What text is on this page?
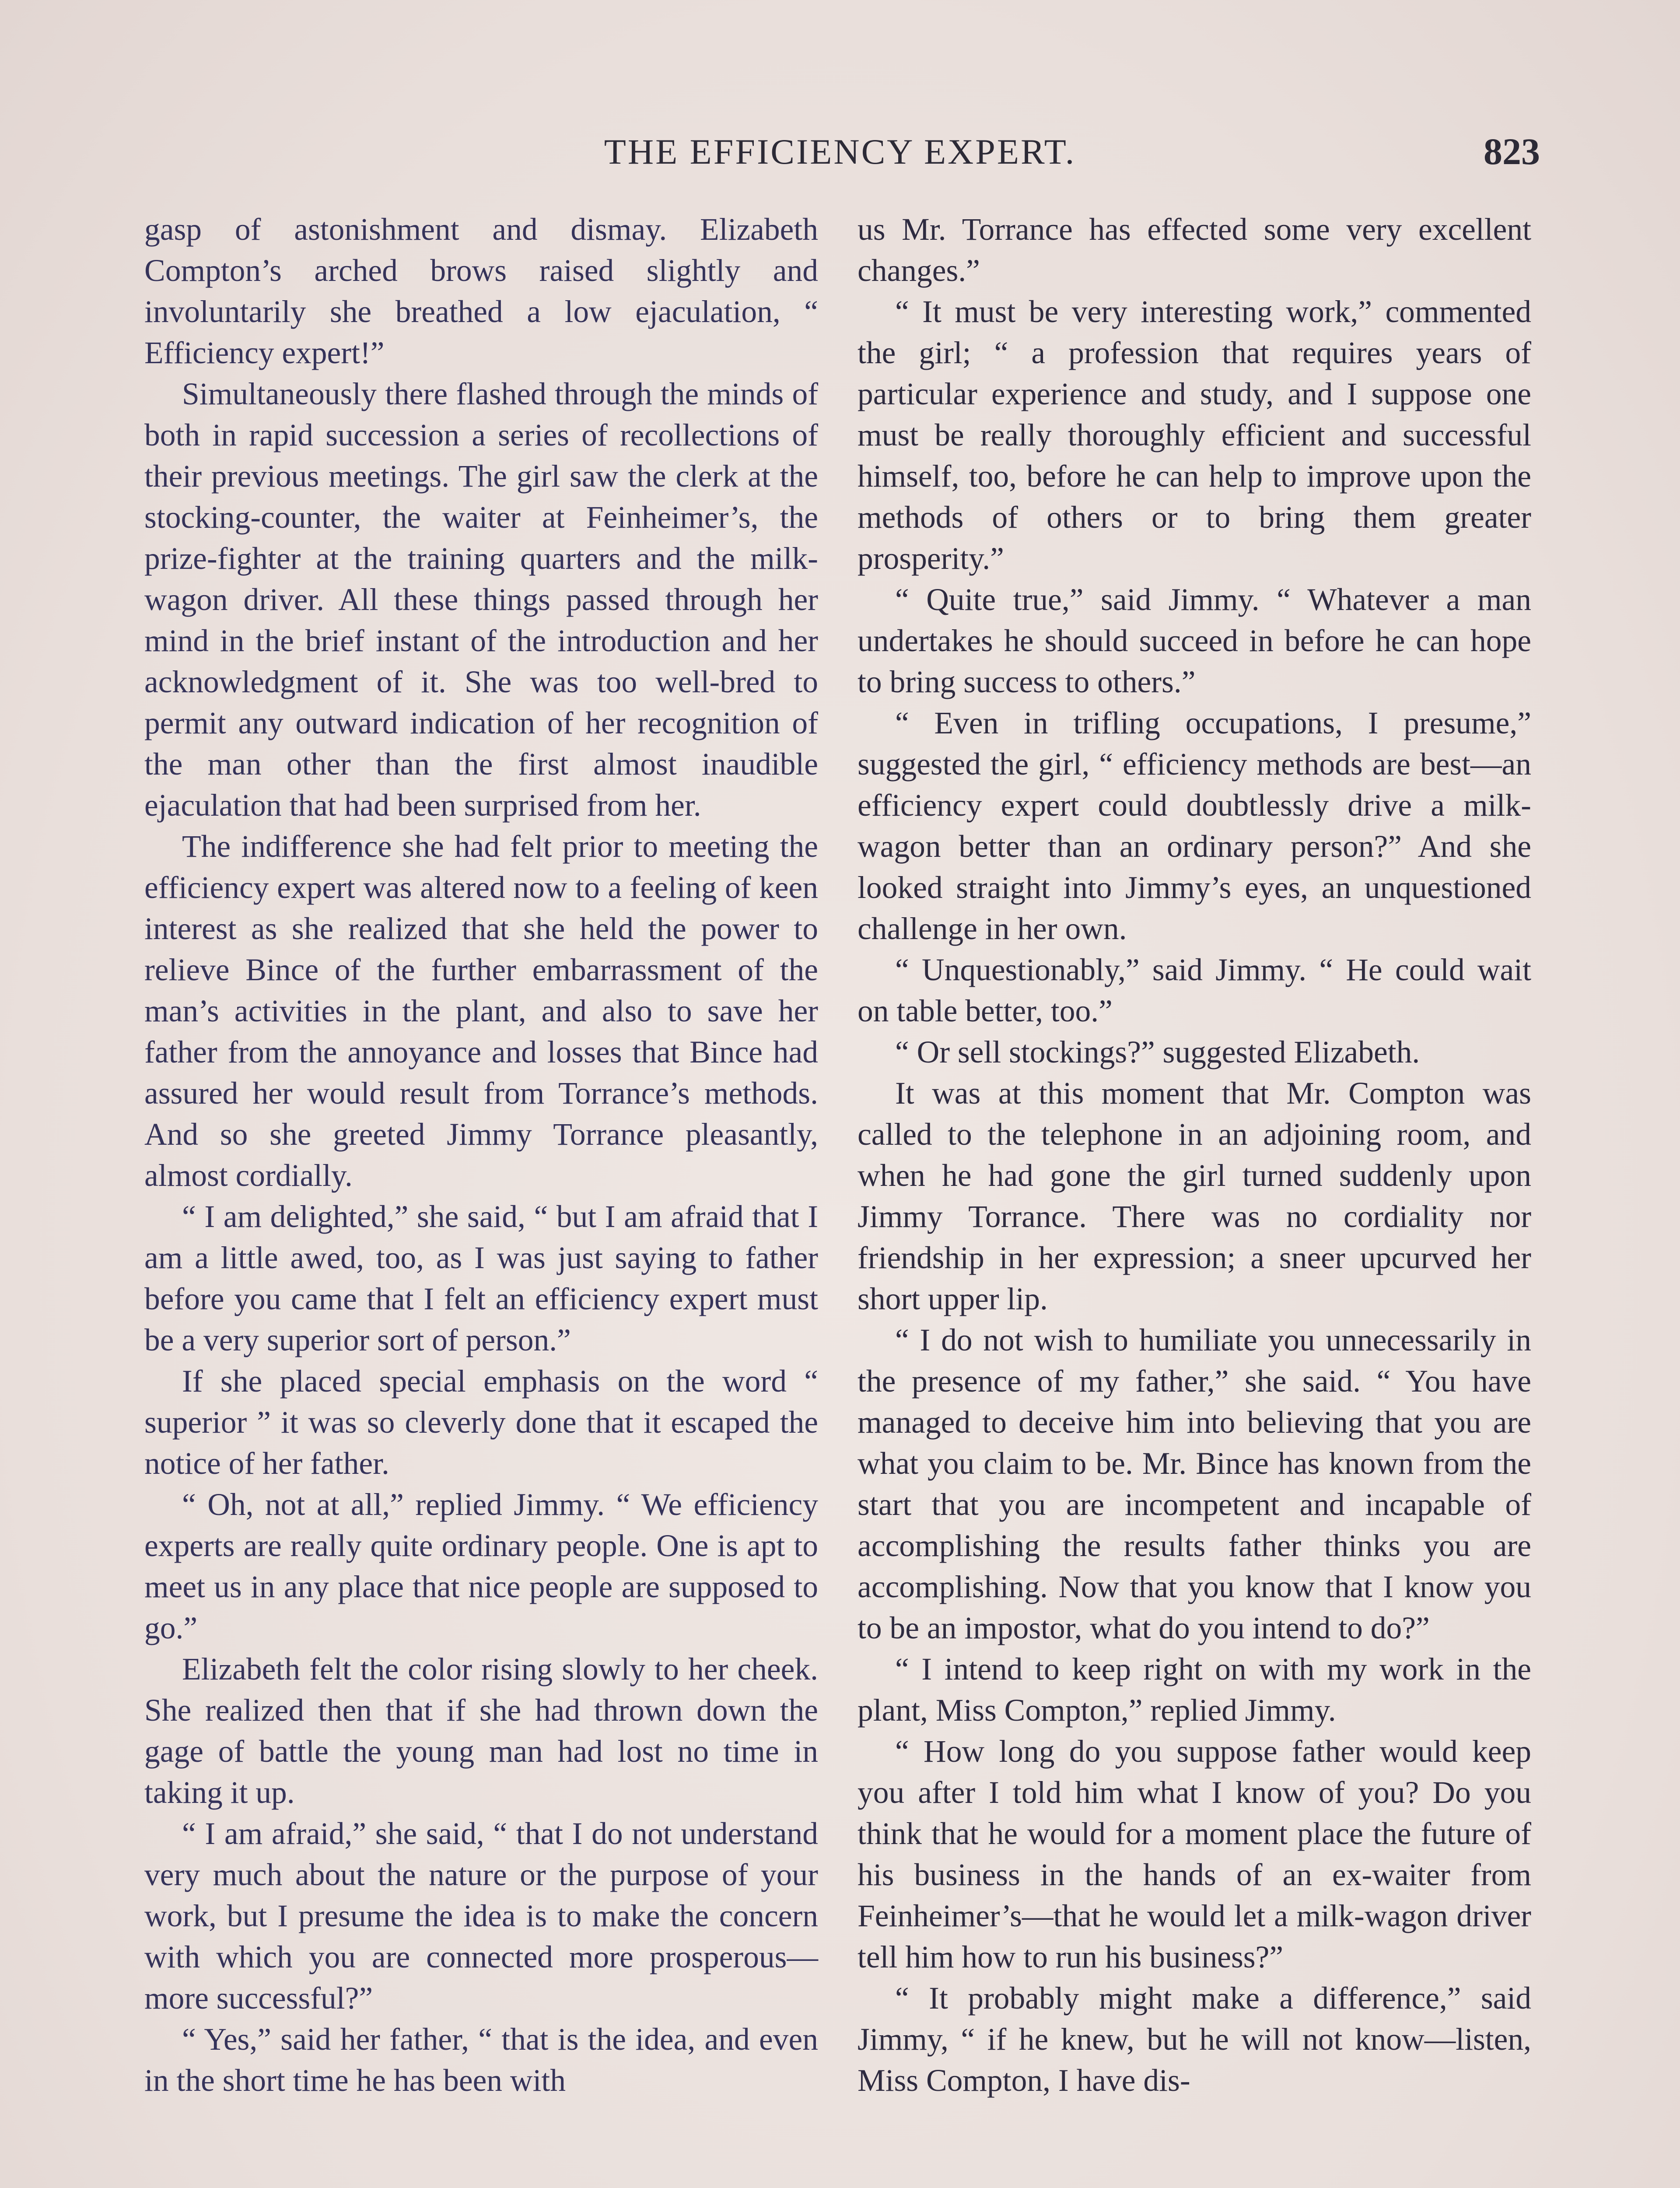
THE EFFICIENCY EXPERT.	823

gasp of astonishment and dismay. Elizabeth Compton’s arched brows raised slightly and involuntarily she breathed a low ejaculation, “ Efficiency expert!”

Simultaneously there flashed through the minds of both in rapid succession a series of recollections of their previous meetings. The girl saw the clerk at the stocking-counter, the waiter at Feinheimer’s, the prize-fighter at the training quarters and the milk-wagon driver. All these things passed through her mind in the brief instant of the introduction and her acknowledgment of it. She was too well-bred to permit any outward indication of her recognition of the man other than the first almost inaudible ejaculation that had been surprised from her.

The indifference she had felt prior to meeting the efficiency expert was altered now to a feeling of keen interest as she realized that she held the power to relieve Bince of the further embarrassment of the man’s activities in the plant, and also to save her father from the annoyance and losses that Bince had assured her would result from Torrance’s methods. And so she greeted Jimmy Torrance pleasantly, almost cordially.

“ I am delighted,” she said, “ but I am afraid that I am a little awed, too, as I was just saying to father before you came that I felt an efficiency expert must be a very superior sort of person.”

If she placed special emphasis on the word “ superior ” it was so cleverly done that it escaped the notice of her father.

“ Oh, not at all,” replied Jimmy. “ We efficiency experts are really quite ordinary people. One is apt to meet us in any place that nice people are supposed to go.”

Elizabeth felt the color rising slowly to her cheek. She realized then that if she had thrown down the gage of battle the young man had lost no time in taking it up.

“ I am afraid,” she said, “ that I do not understand very much about the nature or the purpose of your work, but I presume the idea is to make the concern with which you are connected more prosperous—more successful?”

“ Yes,” said her father, “ that is the idea, and even in the short time he has been with

us Mr. Torrance has effected some very excellent changes.”

“ It must be very interesting work,” commented the girl; “ a profession that requires years of particular experience and study, and I suppose one must be really thoroughly efficient and successful himself, too, before he can help to improve upon the methods of others or to bring them greater prosperity.”

“ Quite true,” said Jimmy. “ Whatever a man undertakes he should succeed in before he can hope to bring success to others.”

“ Even in trifling occupations, I presume,” suggested the girl, “ efficiency methods are best—an efficiency expert could doubtlessly drive a milk-wagon better than an ordinary person?” And she looked straight into Jimmy’s eyes, an unquestioned challenge in her own.

“ Unquestionably,” said Jimmy. “ He could wait on table better, too.”

“ Or sell stockings?” suggested Elizabeth.

It was at this moment that Mr. Compton was called to the telephone in an adjoining room, and when he had gone the girl turned suddenly upon Jimmy Torrance. There was no cordiality nor friendship in her expression; a sneer upcurved her short upper lip.

“ I do not wish to humiliate you unnecessarily in the presence of my father,” she said. “ You have managed to deceive him into believing that you are what you claim to be. Mr. Bince has known from the start that you are incompetent and incapable of accomplishing the results father thinks you are accomplishing. Now that you know that I know you to be an impostor, what do you intend to do?”

“ I intend to keep right on with my work in the plant, Miss Compton,” replied Jimmy.

“ How long do you suppose father would keep you after I told him what I know of you? Do you think that he would for a moment place the future of his business in the hands of an ex-waiter from Feinheimer’s—that he would let a milk-wagon driver tell him how to run his business?”

“ It probably might make a difference,” said Jimmy, “ if he knew, but he will not know—listen, Miss Compton, I have dis-
